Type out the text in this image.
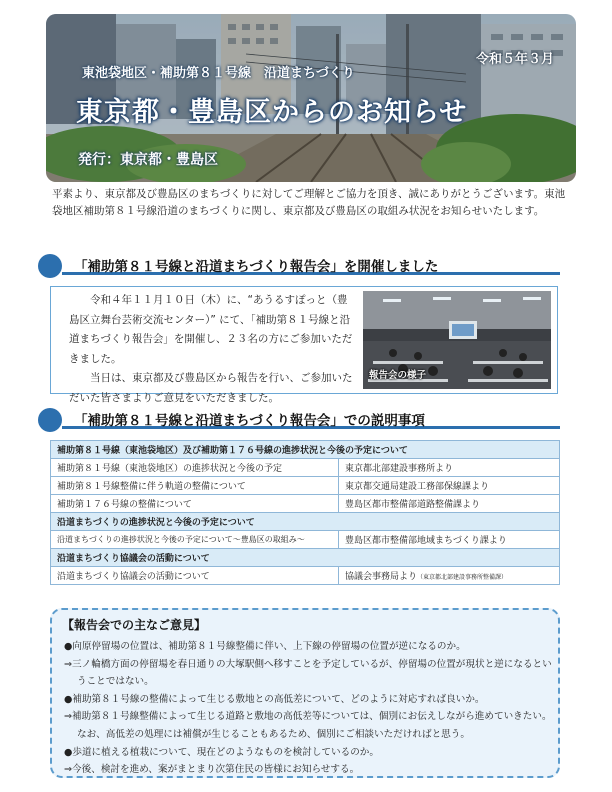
令和５年３月
東池袋地区・補助第８１号線　沿道まちづくり
東京都・豊島区からのお知らせ
発行：東京都・豊島区
平素より、東京都及び豊島区のまちづくりに対してご理解とご協力を頂き、誠にありがとうございます。東池袋地区補助第８１号線沿道のまちづくりに関し、東京都及び豊島区の取組み状況をお知らせいたします。
「補助第８１号線と沿道まちづくり報告会」を開催しました
令和４年１１月１０日（木）に、“あうるすぽっと（豊島区立舞台芸術交流センター）” にて、「補助第８１号線と沿道まちづくり報告会」を開催し、２３名の方にご参加いただきました。
当日は、東京都及び豊島区から報告を行い、ご参加いただいた皆さまよりご意見をいただきました。
報告会の様子
「補助第８１号線と沿道まちづくり報告会」での説明事項
補助第８１号線（東池袋地区）及び補助第１７６号線の進捗状況と今後の予定について	
補助第８１号線（東池袋地区）の進捗状況と今後の予定	東京都北部建設事務所より
補助第８１号線整備に伴う軌道の整備について	東京都交通局建設工務部保線課より
補助第１７６号線の整備について	豊島区都市整備部道路整備課より
沿道まちづくりの進捗状況と今後の予定について	
沿道まちづくりの進捗状況と今後の予定について～豊島区の取組み～	豊島区都市整備部地域まちづくり課より
沿道まちづくり協議会の活動について	
沿道まちづくり協議会の活動について	協議会事務局より（東京都北部建設事務所整備課）
【報告会での主なご意見】
●向原停留場の位置は、補助第８１号線整備に伴い、上下線の停留場の位置が逆になるのか。
⇒三ノ輪橋方面の停留場を春日通りの大塚駅側へ移すことを予定しているが、停留場の位置が現状と逆になるということではない。
●補助第８１号線の整備によって生じる敷地との高低差について、どのように対応すれば良いか。
⇒補助第８１号線整備によって生じる道路と敷地の高低差等については、個別にお伝えしながら進めていきたい。なお、高低差の処理には補償が生じることもあるため、個別にご相談いただければと思う。
●歩道に植える植栽について、現在どのようなものを検討しているのか。
⇒今後、検討を進め、案がまとまり次第住民の皆様にお知らせする。
